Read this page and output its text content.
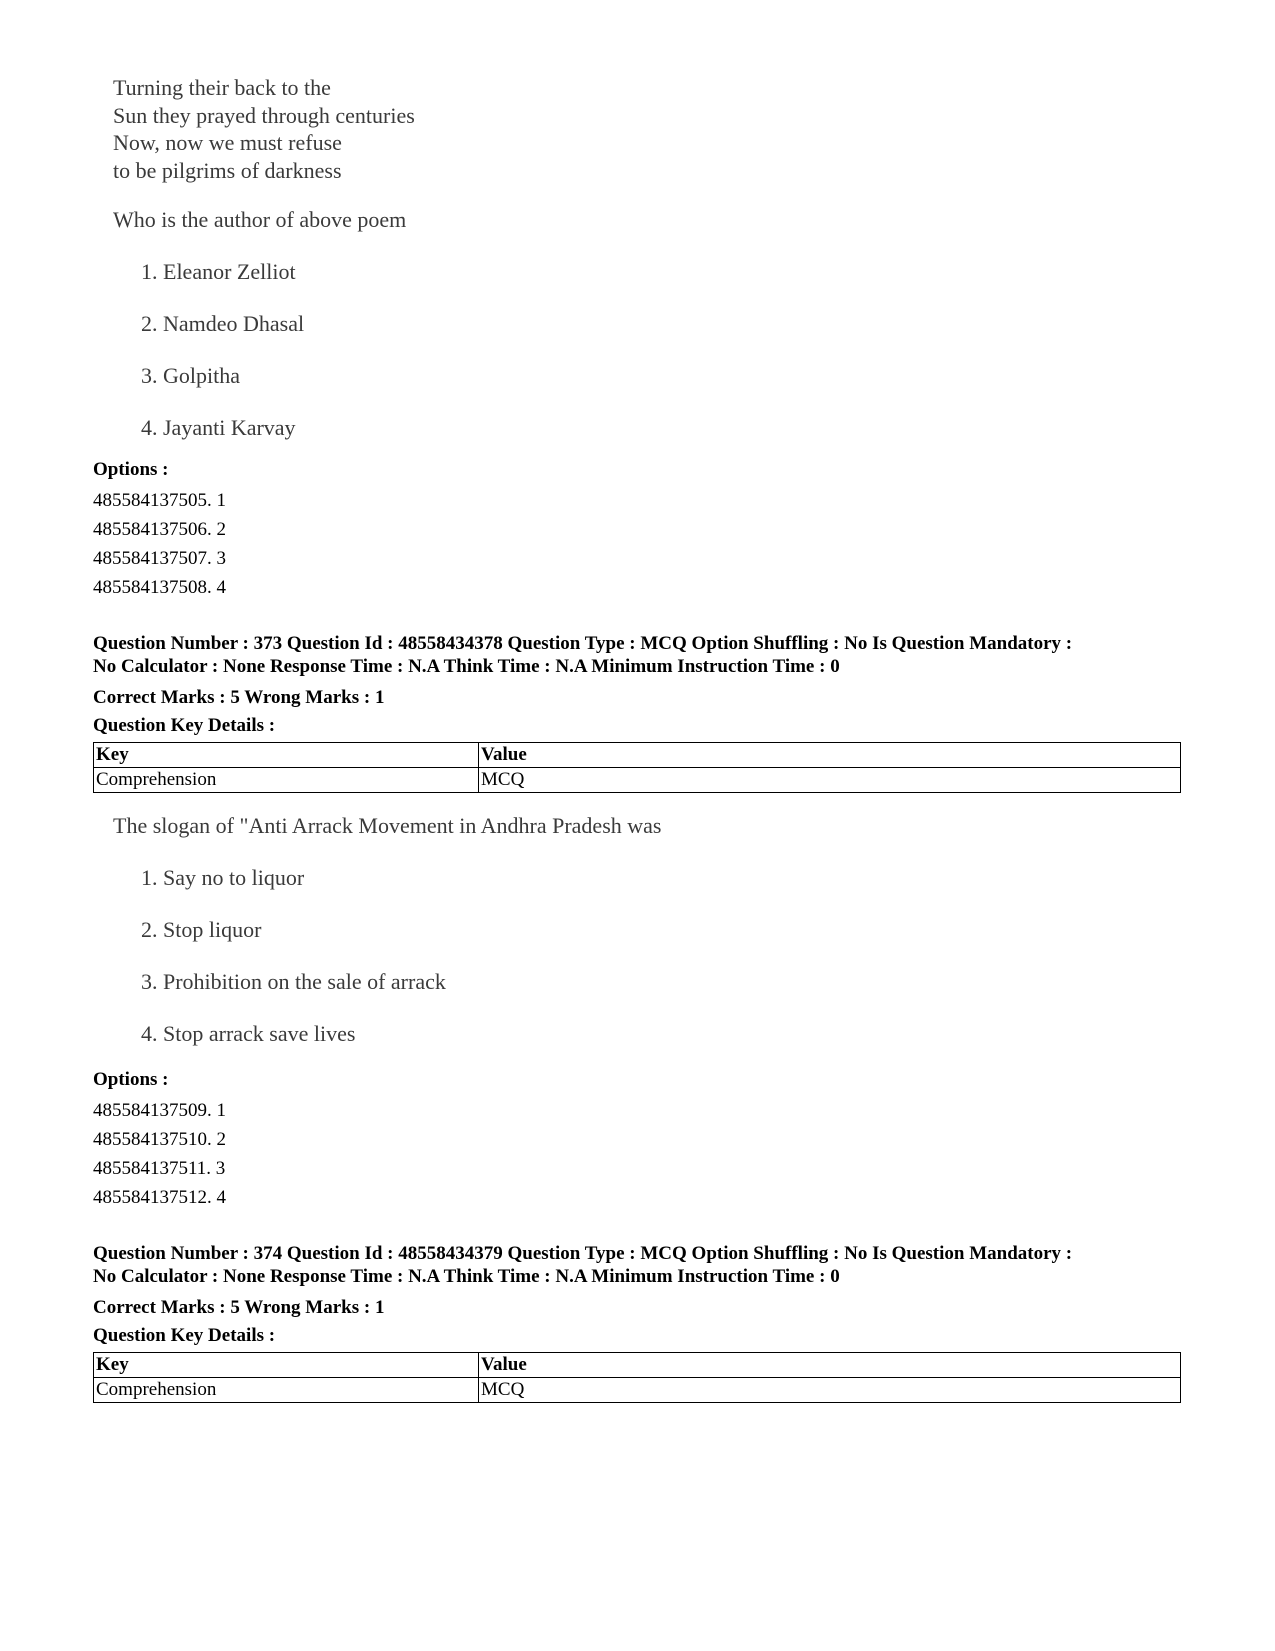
Turning their back to the
Sun they prayed through centuries
Now, now we must refuse
to be pilgrims of darkness
Who is the author of above poem
1. Eleanor Zelliot
2. Namdeo Dhasal
3. Golpitha
4. Jayanti Karvay
Options :
485584137505. 1
485584137506. 2
485584137507. 3
485584137508. 4
Question Number : 373 Question Id : 48558434378 Question Type : MCQ Option Shuffling : No Is Question Mandatory :
No Calculator : None Response Time : N.A Think Time : N.A Minimum Instruction Time : 0
Correct Marks : 5 Wrong Marks : 1
Question Key Details :
Key	Value
Comprehension	MCQ
The slogan of "Anti Arrack Movement in Andhra Pradesh was
1. Say no to liquor
2. Stop liquor
3. Prohibition on the sale of arrack
4. Stop arrack save lives
Options :
485584137509. 1
485584137510. 2
485584137511. 3
485584137512. 4
Question Number : 374 Question Id : 48558434379 Question Type : MCQ Option Shuffling : No Is Question Mandatory :
No Calculator : None Response Time : N.A Think Time : N.A Minimum Instruction Time : 0
Correct Marks : 5 Wrong Marks : 1
Question Key Details :
Key	Value
Comprehension	MCQ
